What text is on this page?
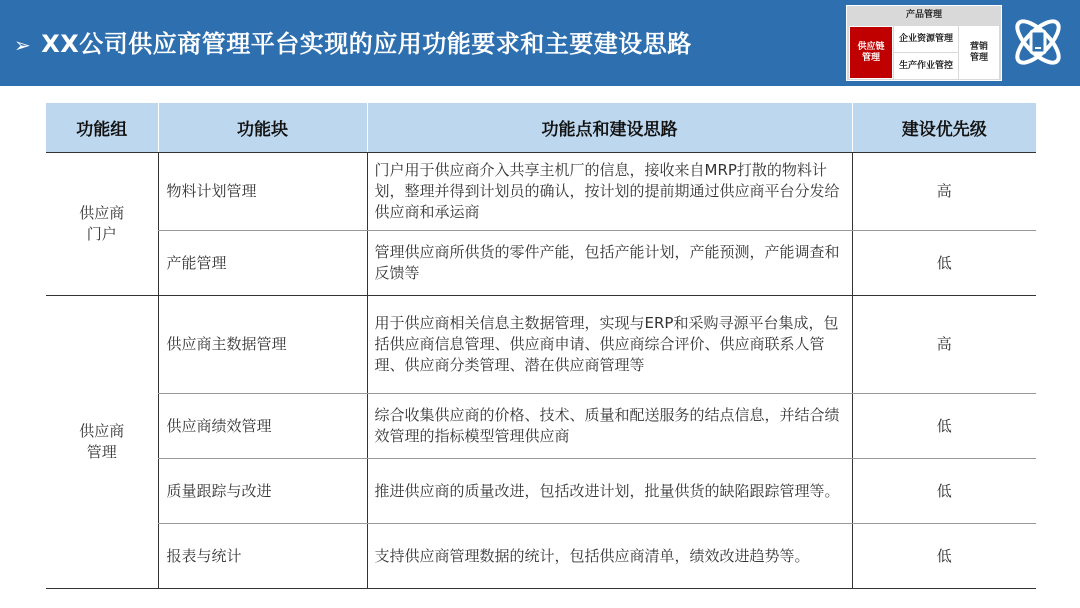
➢ XX公司供应商管理平台实现的应用功能要求和主要建设思路
产品管理
供应链管理
企业资源管理
生产作业管控
营销管理
功能组	功能块	功能点和建设思路	建设优先级

供应商门户	物料计划管理	门户用于供应商介入共享主机厂的信息，接收来自MRP打散的物料计划，整理并得到计划员的确认，按计划的提前期通过供应商平台分发给供应商和承运商	高
	产能管理	管理供应商所供货的零件产能，包括产能计划，产能预测，产能调查和反馈等	低

供应商管理	供应商主数据管理	用于供应商相关信息主数据管理，实现与ERP和采购寻源平台集成，包括供应商信息管理、供应商申请、供应商综合评价、供应商联系人管理、供应商分类管理、潜在供应商管理等	高
	供应商绩效管理	综合收集供应商的价格、技术、质量和配送服务的结点信息，并结合绩效管理的指标模型管理供应商	低
	质量跟踪与改进	推进供应商的质量改进，包括改进计划，批量供货的缺陷跟踪管理等。	低
	报表与统计	支持供应商管理数据的统计，包括供应商清单，绩效改进趋势等。	低
